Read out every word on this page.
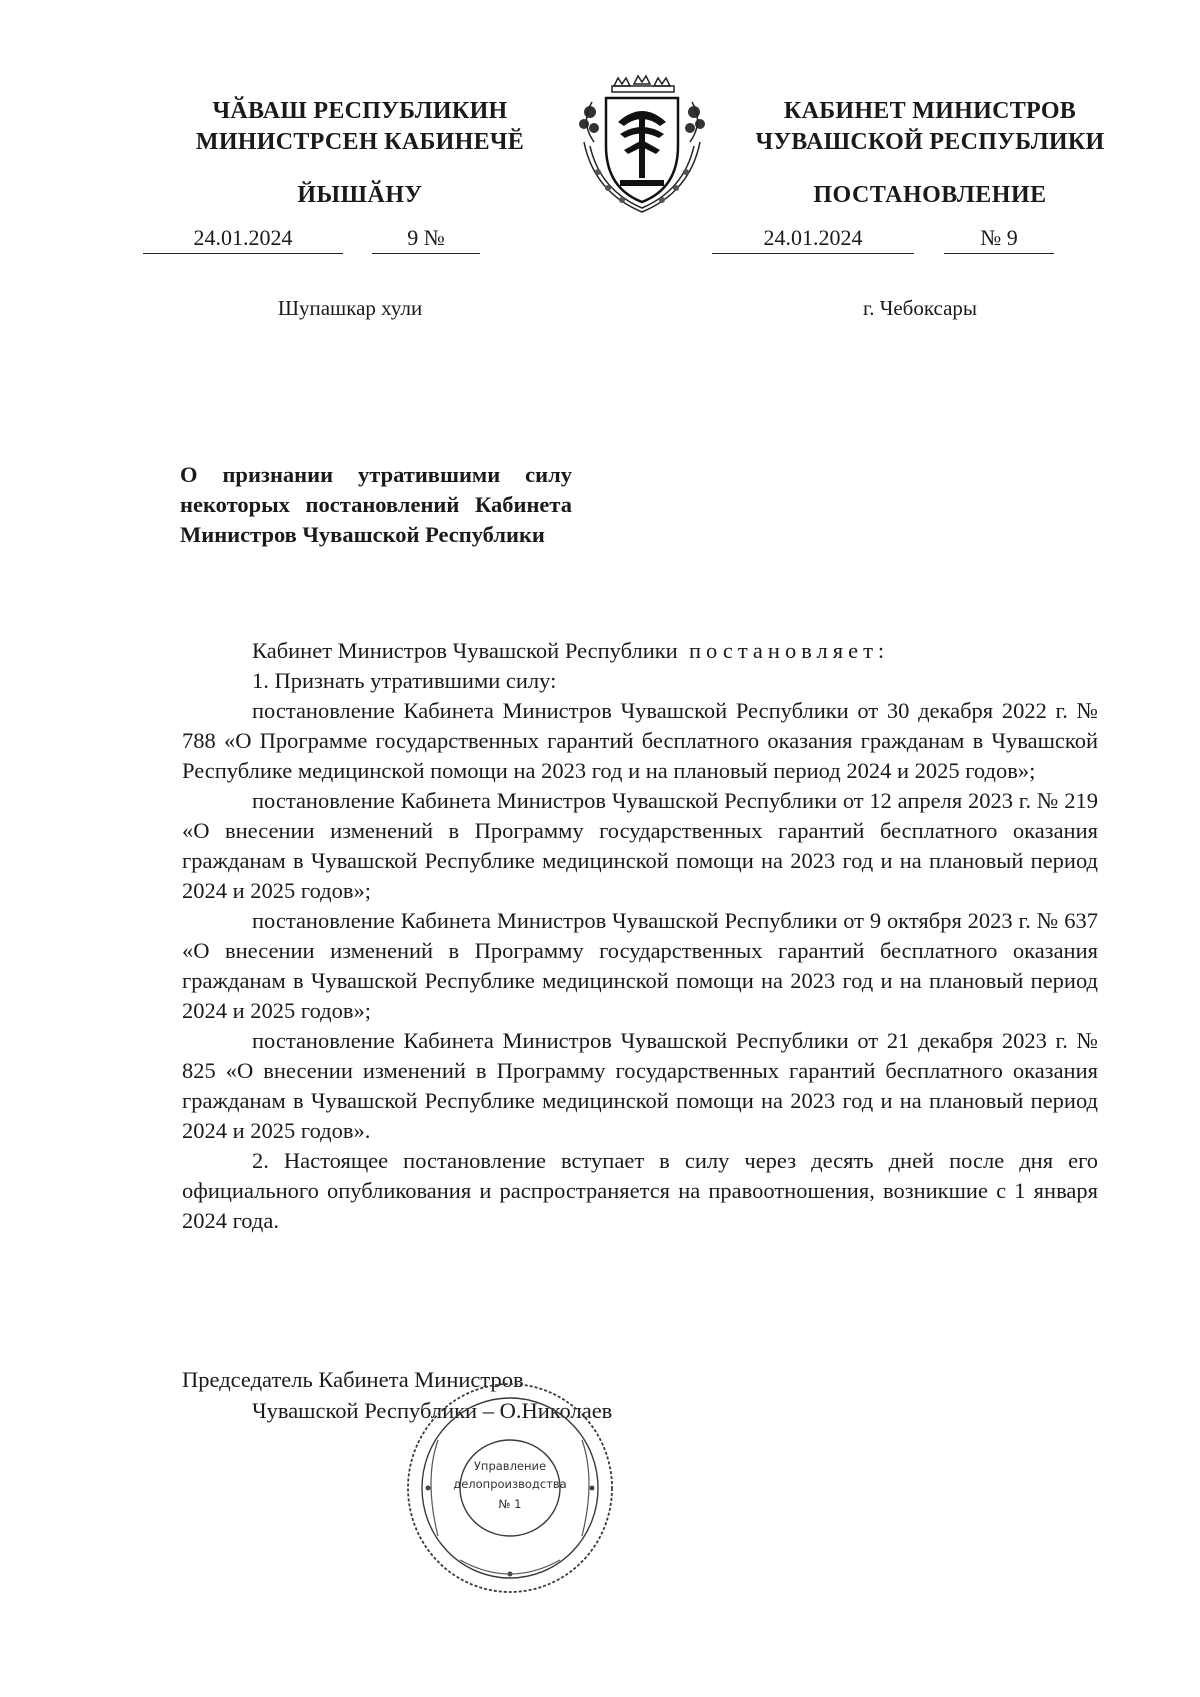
ЧӐВАШ РЕСПУБЛИКИН
МИНИСТРСЕН КАБИНЕЧӖ
ЙЫШӐНУ
КАБИНЕТ МИНИСТРОВ
ЧУВАШСКОЙ РЕСПУБЛИКИ
ПОСТАНОВЛЕНИЕ
24.01.2024	9 №	24.01.2024	№ 9
Шупашкар хули	г. Чебоксары
О признании утратившими силу некоторых постановлений Кабинета Министров Чувашской Республики

Кабинет Министров Чувашской Республики постановляет:

1. Признать утратившими силу:

постановление Кабинета Министров Чувашской Республики от 30 декабря 2022 г. № 788 «О Программе государственных гарантий бесплатного оказания гражданам в Чувашской Республике медицинской помощи на 2023 год и на плановый период 2024 и 2025 годов»;

постановление Кабинета Министров Чувашской Республики от 12 апреля 2023 г. № 219 «О внесении изменений в Программу государственных гарантий бесплатного оказания гражданам в Чувашской Республике медицинской помощи на 2023 год и на плановый период 2024 и 2025 годов»;

постановление Кабинета Министров Чувашской Республики от 9 октября 2023 г. № 637 «О внесении изменений в Программу государственных гарантий бесплатного оказания гражданам в Чувашской Республике медицинской помощи на 2023 год и на плановый период 2024 и 2025 годов»;

постановление Кабинета Министров Чувашской Республики от 21 декабря 2023 г. № 825 «О внесении изменений в Программу государственных гарантий бесплатного оказания гражданам в Чувашской Республике медицинской помощи на 2023 год и на плановый период 2024 и 2025 годов».

2. Настоящее постановление вступает в силу через десять дней после дня его официального опубликования и распространяется на правоотношения, возникшие с 1 января 2024 года.

Председатель Кабинета Министров
Чувашской Республики – О.Николаев
Управление
делопроизводства
№ 1
